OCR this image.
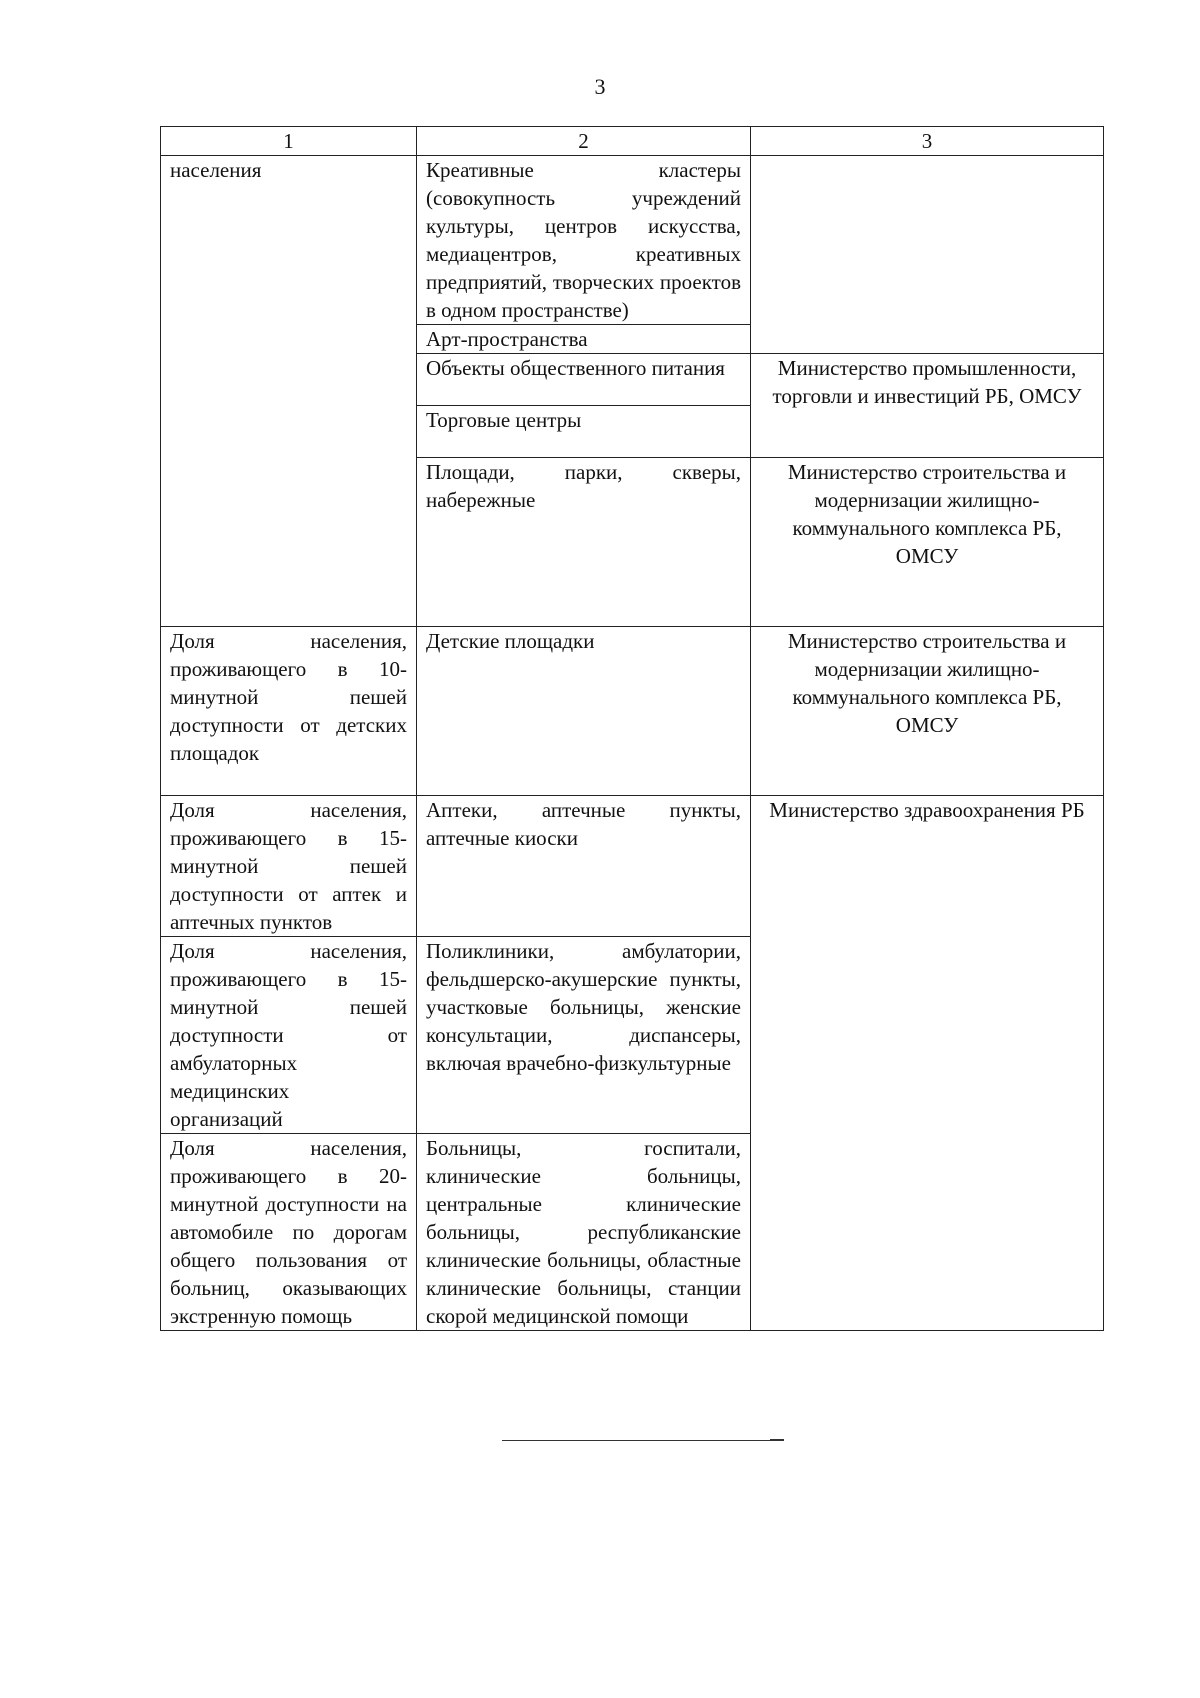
3
1	2	3
населения	Креативные кластеры (совокупность учреждений культуры, центров искусства, медиацентров, креативных предприятий, творческих проектов в одном пространстве)	
	Арт-пространства	
	Объекты общественного питания	Министерство промышленности, торговли и инвестиций РБ, ОМСУ
	Торговые центры	
	Площади, парки, скверы, набережные	Министерство строительства и модернизации жилищно-коммунального комплекса РБ, ОМСУ
Доля населения, проживающего в 10-минутной пешей доступности от детских площадок	Детские площадки	Министерство строительства и модернизации жилищно-коммунального комплекса РБ, ОМСУ
Доля населения, проживающего в 15-минутной пешей доступности от аптек и аптечных пунктов	Аптеки, аптечные пункты, аптечные киоски	Министерство здравоохранения РБ
Доля населения, проживающего в 15-минутной пешей доступности от амбулаторных медицинских организаций	Поликлиники, амбулатории, фельдшерско-акушерские пункты, участковые больницы, женские консультации, диспансеры, включая врачебно-физкультурные	
Доля населения, проживающего в 20-минутной доступности на автомобиле по дорогам общего пользования от больниц, оказывающих экстренную помощь	Больницы, госпитали, клинические больницы, центральные клинические больницы, республиканские клинические больницы, областные клинические больницы, станции скорой медицинской помощи	
